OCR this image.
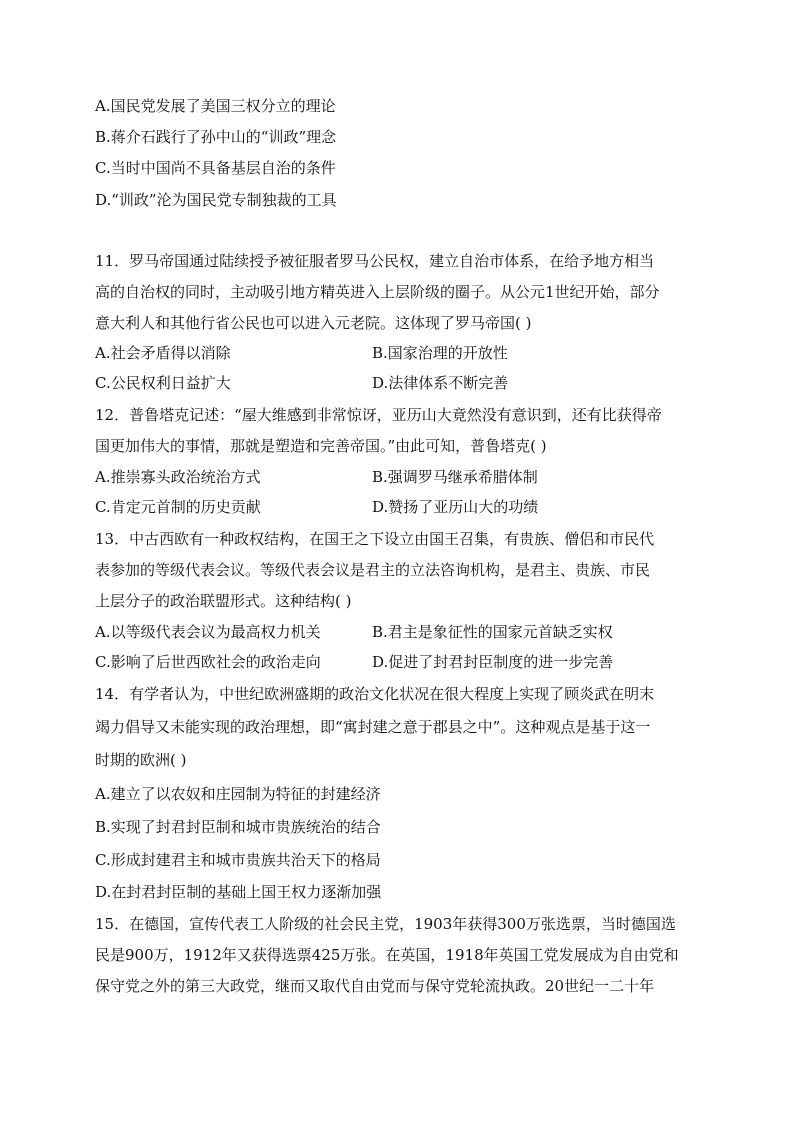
A.国民党发展了美国三权分立的理论
B.蒋介石践行了孙中山的“训政”理念
C.当时中国尚不具备基层自治的条件
D.“训政”沦为国民党专制独裁的工具
11．罗马帝国通过陆续授予被征服者罗马公民权，建立自治市体系，在给予地方相当
高的自治权的同时，主动吸引地方精英进入上层阶级的圈子。从公元1世纪开始，部分
意大利人和其他行省公民也可以进入元老院。这体现了罗马帝国( )
A.社会矛盾得以消除	B.国家治理的开放性
C.公民权利日益扩大	D.法律体系不断完善
12．普鲁塔克记述：“屋大维感到非常惊讶，亚历山大竟然没有意识到，还有比获得帝
国更加伟大的事情，那就是塑造和完善帝国。”由此可知，普鲁塔克( )
A.推崇寡头政治统治方式	B.强调罗马继承希腊体制
C.肯定元首制的历史贡献	D.赞扬了亚历山大的功绩
13．中古西欧有一种政权结构，在国王之下设立由国王召集，有贵族、僧侣和市民代
表参加的等级代表会议。等级代表会议是君主的立法咨询机构，是君主、贵族、市民
上层分子的政治联盟形式。这种结构( )
A.以等级代表会议为最高权力机关	B.君主是象征性的国家元首缺乏实权
C.影响了后世西欧社会的政治走向	D.促进了封君封臣制度的进一步完善
14．有学者认为，中世纪欧洲盛期的政治文化状况在很大程度上实现了顾炎武在明末
竭力倡导又未能实现的政治理想，即“寓封建之意于郡县之中”。这种观点是基于这一
时期的欧洲( )
A.建立了以农奴和庄园制为特征的封建经济
B.实现了封君封臣制和城市贵族统治的结合
C.形成封建君主和城市贵族共治天下的格局
D.在封君封臣制的基础上国王权力逐渐加强
15．在德国，宣传代表工人阶级的社会民主党，1903年获得300万张选票，当时德国选
民是900万，1912年又获得选票425万张。在英国，1918年英国工党发展成为自由党和
保守党之外的第三大政党，继而又取代自由党而与保守党轮流执政。20世纪一二十年
